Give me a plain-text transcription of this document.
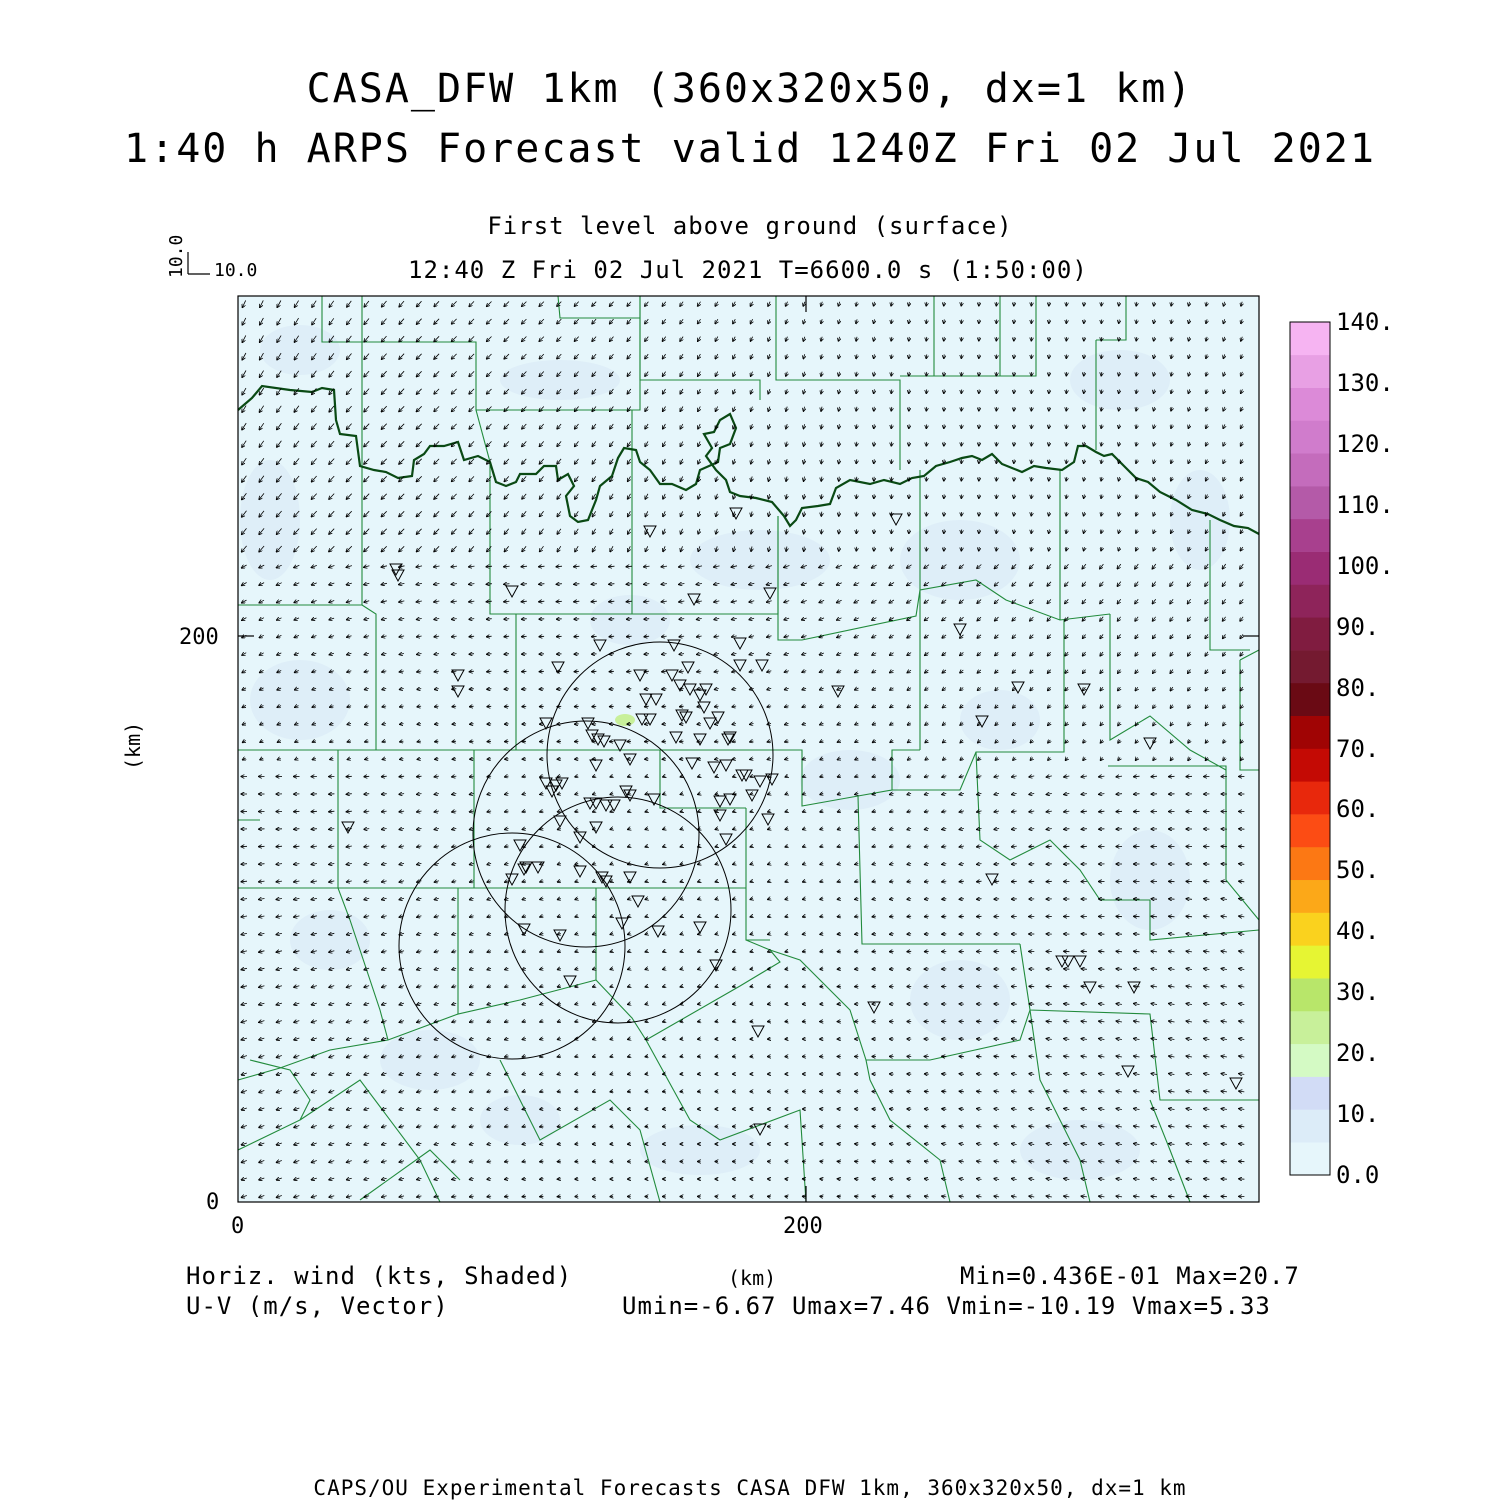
CASA_DFW 1km (360x320x50, dx=1 km)
1:40 h ARPS Forecast valid 1240Z Fri 02 Jul 2021
First level above ground (surface)
12:40 Z Fri 02 Jul 2021 T=6600.0 s (1:50:00)
10.0
10.0
200
0
0	200
(km)
140.
130.
120.
110.
100.
90.
80.
70.
60.
50.
40.
30.
20.
10.
0.0
Horiz. wind (kts, Shaded)
U-V (m/s, Vector)
(km)	Min=0.436E-01 Max=20.7
Umin=-6.67 Umax=7.46 Vmin=-10.19 Vmax=5.33
CAPS/OU Experimental Forecasts CASA DFW 1km, 360x320x50, dx=1 km
